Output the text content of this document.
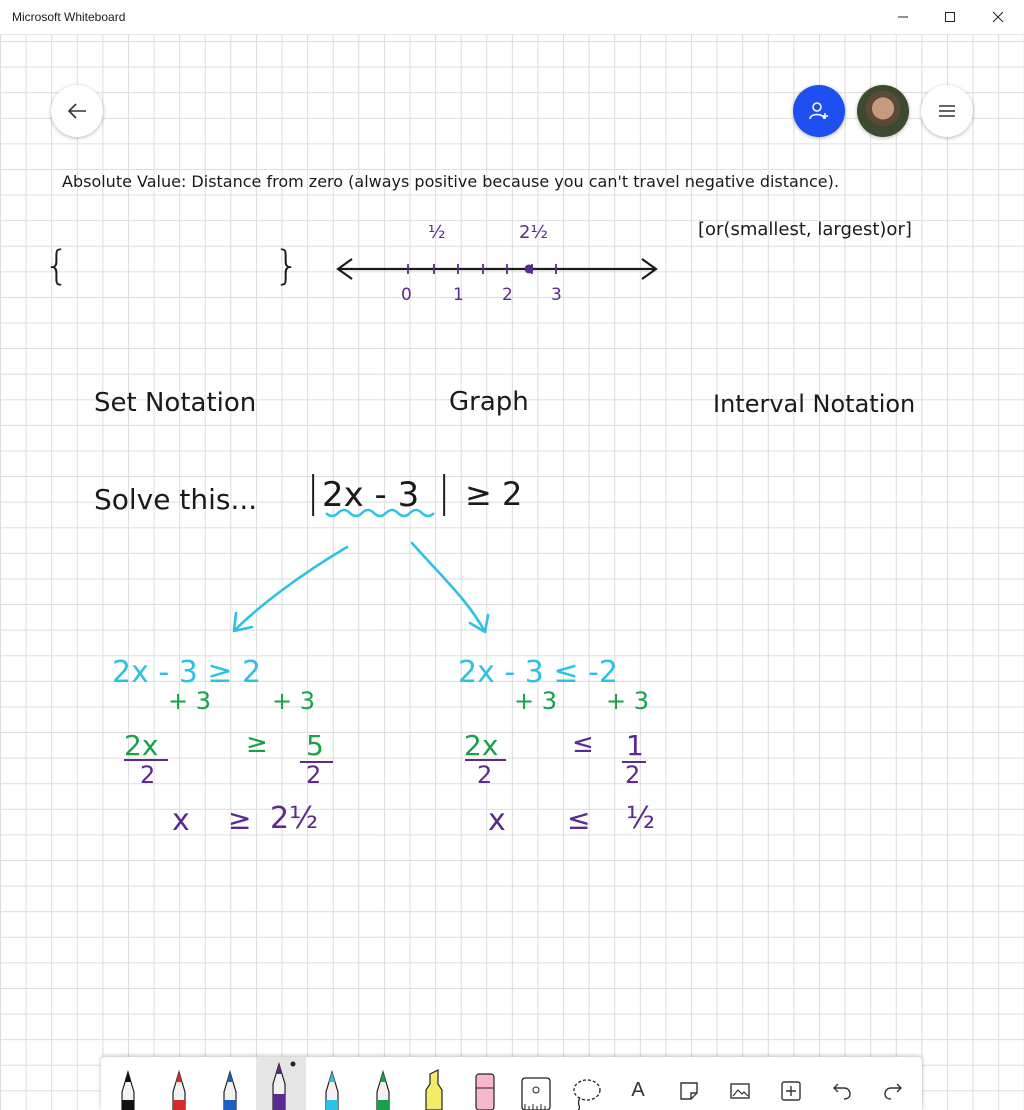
Microsoft Whiteboard
Absolute Value: Distance from zero (always positive because you can't travel negative distance).
[or(smallest, largest)or]
{	}
½	2½
0 1 2 3
Set Notation	Graph	Interval Notation
Solve this... | 2x - 3 | ≥ 2
2x - 3 ≥ 2
+ 3	+ 3
2x
2
≥ 5
2
x ≥ 2½
2x - 3 ≤ -2
+ 3 + 3
2x
2
≤ 1
2
x ≤ ½
A
